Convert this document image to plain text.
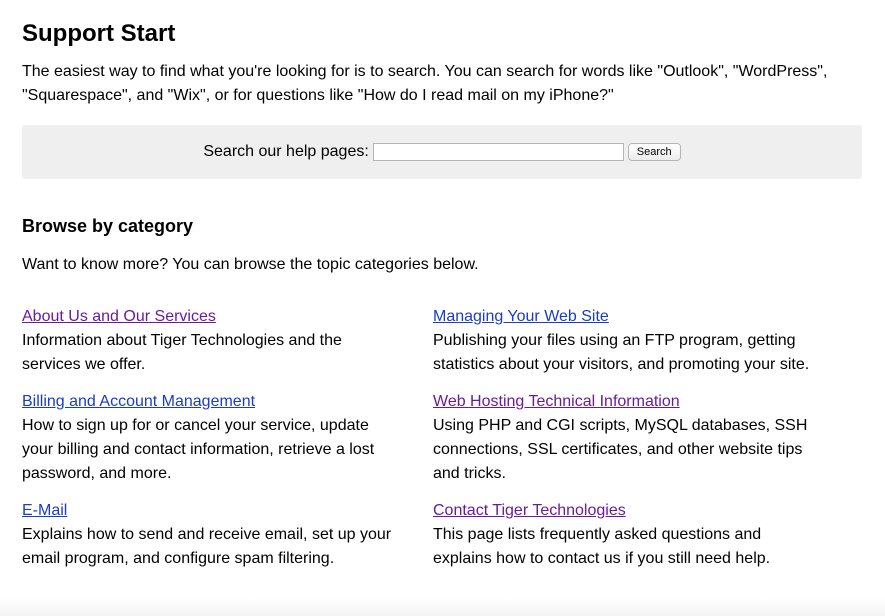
Support Start

The easiest way to find what you're looking for is to search. You can search for words like "Outlook", "WordPress", "Squarespace", and "Wix", or for questions like "How do I read mail on my iPhone?"

Search our help pages:	Search
Browse by category

Want to know more? You can browse the topic categories below.

About Us and Our Services

Information about Tiger Technologies and the services we offer.

Billing and Account Management

How to sign up for or cancel your service, update your billing and contact information, retrieve a lost password, and more.

E-Mail

Explains how to send and receive email, set up your email program, and configure spam filtering.

Managing Your Web Site

Publishing your files using an FTP program, getting statistics about your visitors, and promoting your site.

Web Hosting Technical Information

Using PHP and CGI scripts, MySQL databases, SSH connections, SSL certificates, and other website tips and tricks.

Contact Tiger Technologies

This page lists frequently asked questions and explains how to contact us if you still need help.
